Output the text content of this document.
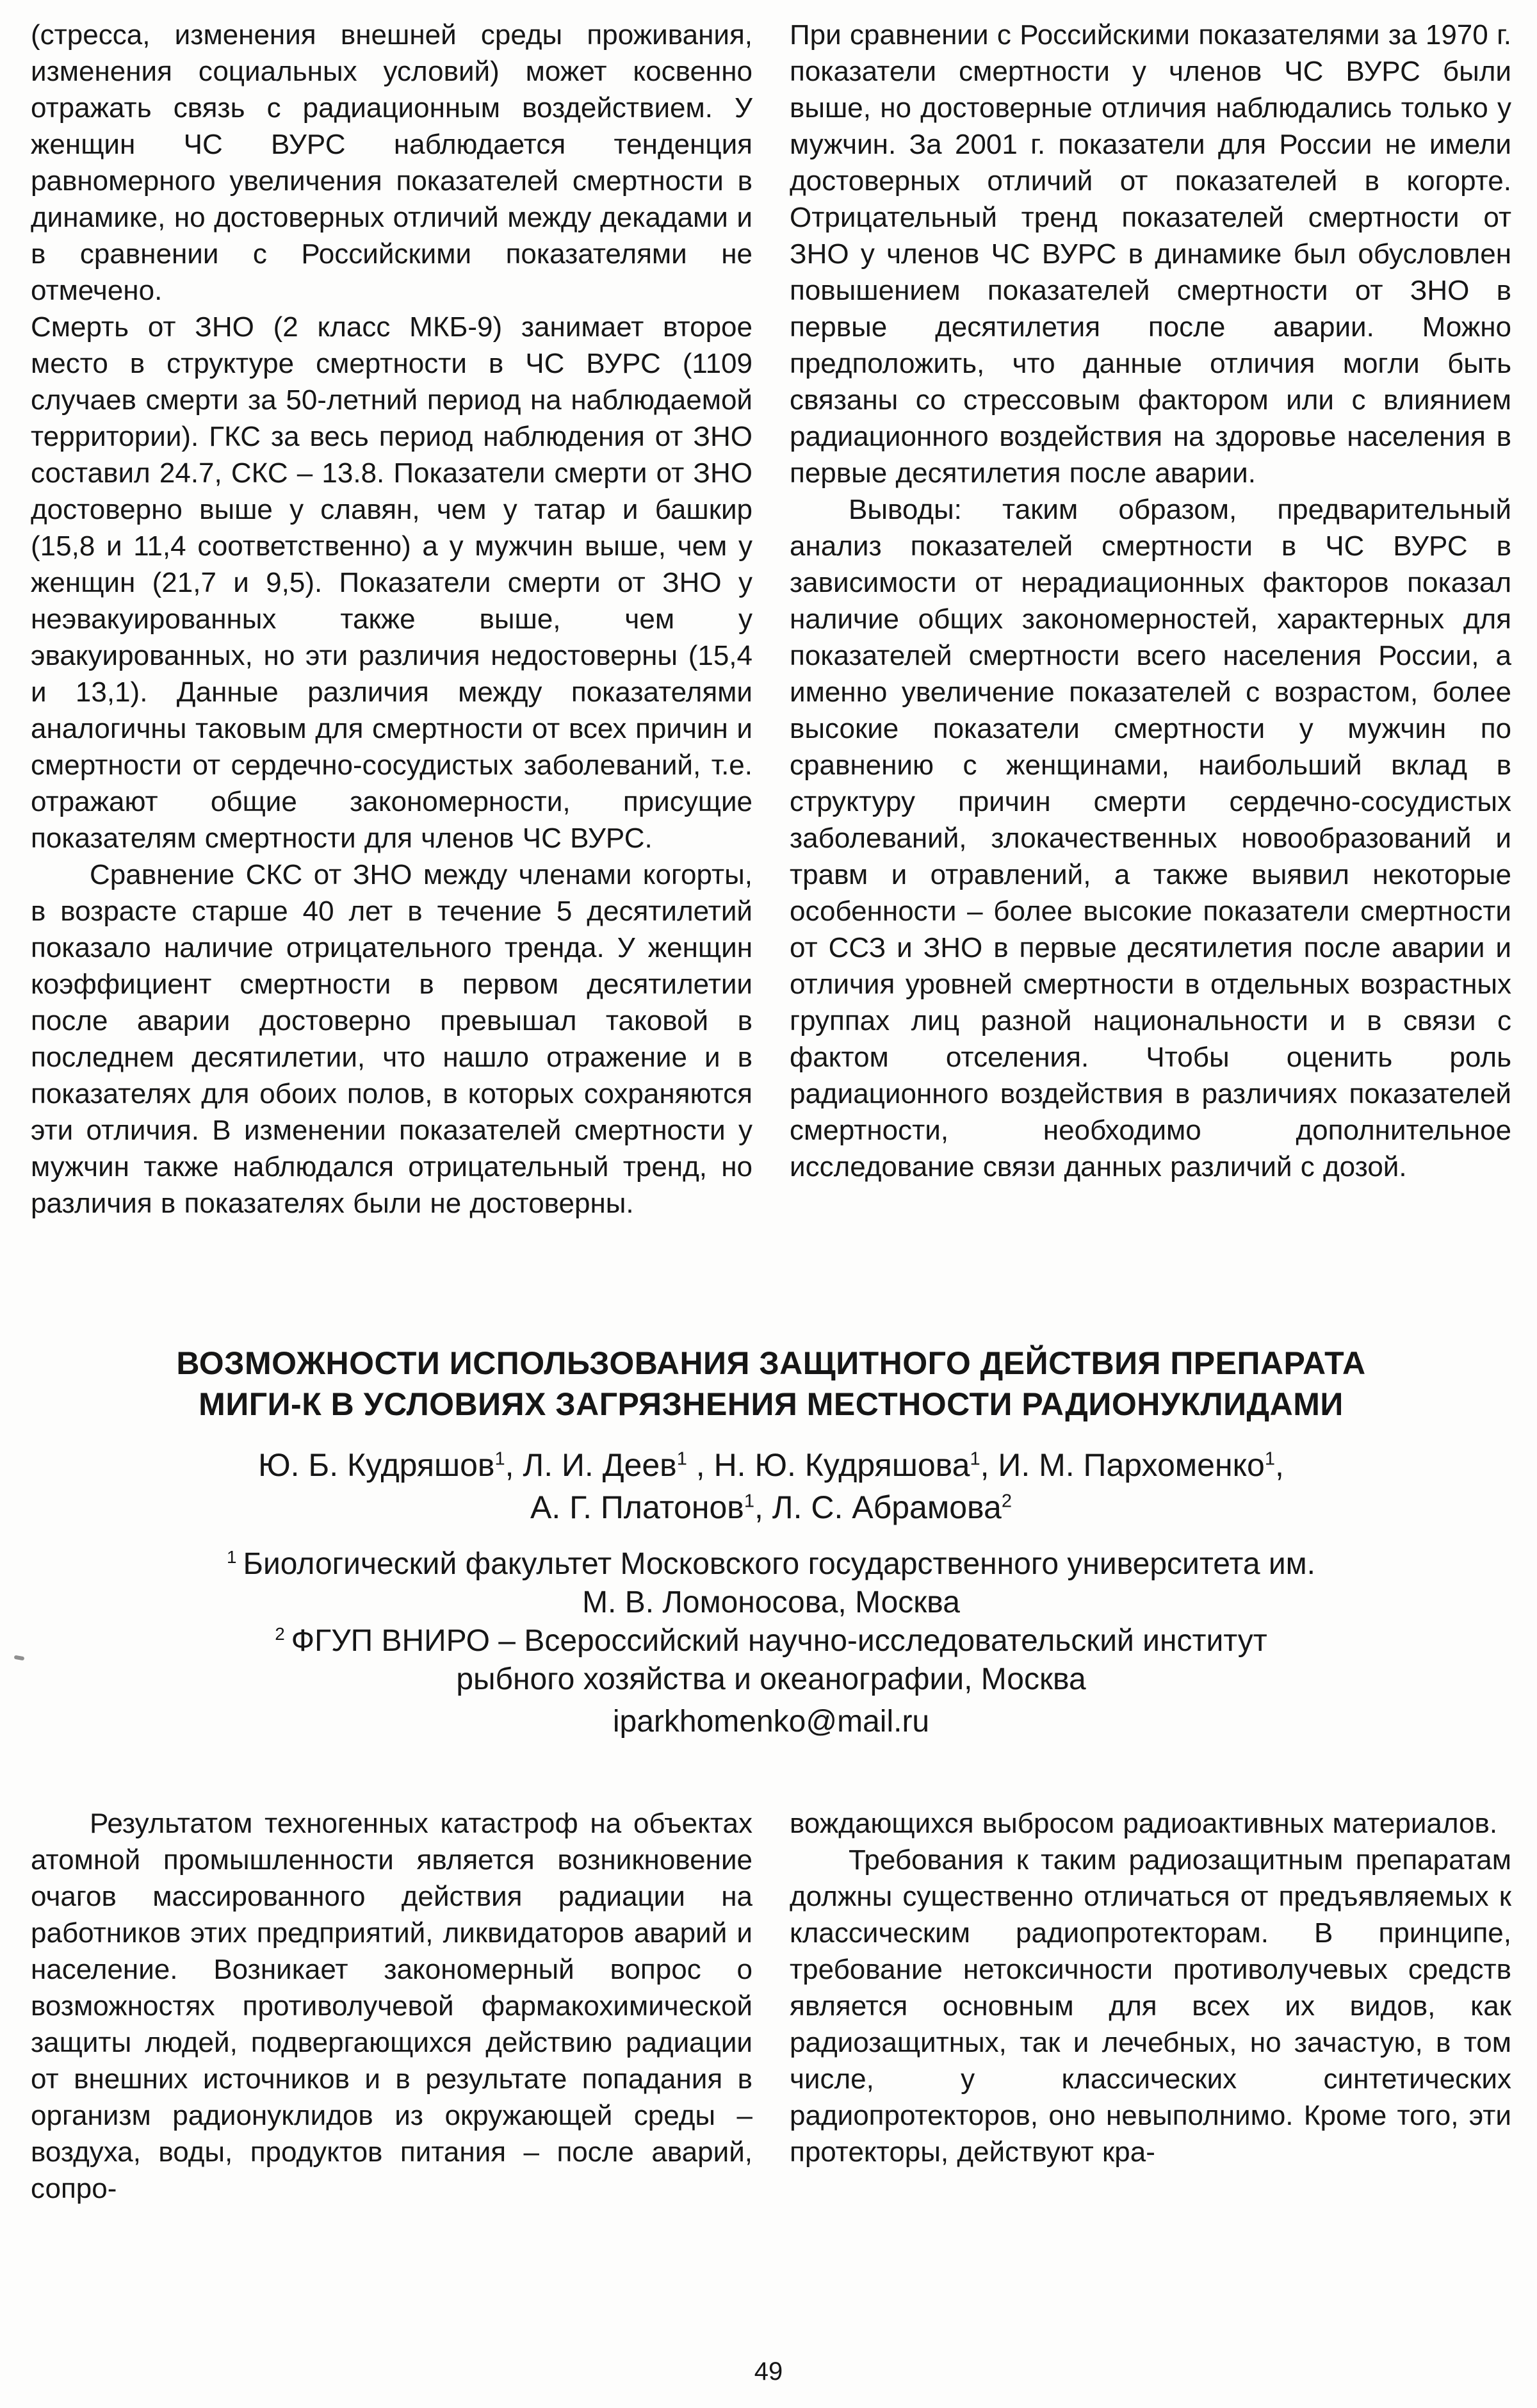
(стресса, изменения внешней среды проживания, изменения социальных условий) может косвенно отражать связь с радиационным воздействием. У женщин ЧС ВУРС наблюдается тенденция равномерного увеличения показателей смертности в динамике, но достоверных отличий между декадами и в сравнении с Российскими показателями не отмечено.

Смерть от ЗНО (2 класс МКБ-9) занимает второе место в структуре смертности в ЧС ВУРС (1109 случаев смерти за 50-летний период на наблюдаемой территории). ГКС за весь период наблюдения от ЗНО составил 24.7, СКС – 13.8. Показатели смерти от ЗНО достоверно выше у славян, чем у татар и башкир (15,8 и 11,4 соответственно) а у мужчин выше, чем у женщин (21,7 и 9,5). Показатели смерти от ЗНО у неэвакуированных также выше, чем у эвакуированных, но эти различия недостоверны (15,4 и 13,1). Данные различия между показателями аналогичны таковым для смертности от всех причин и смертности от сердечно-сосудистых заболеваний, т.е. отражают общие закономерности, присущие показателям смертности для членов ЧС ВУРС.

Сравнение СКС от ЗНО между членами когорты, в возрасте старше 40 лет в течение 5 десятилетий показало наличие отрицательного тренда. У женщин коэффициент смертности в первом десятилетии после аварии достоверно превышал таковой в последнем десятилетии, что нашло отражение и в показателях для обоих полов, в которых сохраняются эти отличия. В изменении показателей смертности у мужчин также наблюдался отрицательный тренд, но различия в показателях были не достоверны.

При сравнении с Российскими показателями за 1970 г. показатели смертности у членов ЧС ВУРС были выше, но достоверные отличия наблюдались только у мужчин. За 2001 г. показатели для России не имели достоверных отличий от показателей в когорте. Отрицательный тренд показателей смертности от ЗНО у членов ЧС ВУРС в динамике был обусловлен повышением показателей смертности от ЗНО в первые десятилетия после аварии. Можно предположить, что данные отличия могли быть связаны со стрессовым фактором или с влиянием радиационного воздействия на здоровье населения в первые десятилетия после аварии.

Выводы: таким образом, предварительный анализ показателей смертности в ЧС ВУРС в зависимости от нерадиационных факторов показал наличие общих закономерностей, характерных для показателей смертности всего населения России, а именно увеличение показателей с возрастом, более высокие показатели смертности у мужчин по сравнению с женщинами, наибольший вклад в структуру причин смерти сердечно-сосудистых заболеваний, злокачественных новообразований и травм и отравлений, а также выявил некоторые особенности – более высокие показатели смертности от ССЗ и ЗНО в первые десятилетия после аварии и отличия уровней смертности в отдельных возрастных группах лиц разной национальности и в связи с фактом отселения. Чтобы оценить роль радиационного воздействия в различиях показателей смертности, необходимо дополнительное исследование связи данных различий с дозой.

ВОЗМОЖНОСТИ ИСПОЛЬЗОВАНИЯ ЗАЩИТНОГО ДЕЙСТВИЯ ПРЕПАРАТА
МИГИ-К В УСЛОВИЯХ ЗАГРЯЗНЕНИЯ МЕСТНОСТИ РАДИОНУКЛИДАМИ
Ю. Б. Кудряшов$^1$, Л. И. Деев$^1$ , Н. Ю. Кудряшова$^1$, И. М. Пархоменко$^1$,
А. Г. Платонов$^1$, Л. С. Абрамова$^2$

$^1$ Биологический факультет Московского государственного университета им. М. В. Ломоносова, Москва

$^2$ ФГУП ВНИРО – Всероссийский научно-исследовательский институт рыбного хозяйства и океанографии, Москва

iparkhomenko@mail.ru

Результатом техногенных катастроф на объектах атомной промышленности является возникновение очагов массированного действия радиации на работников этих предприятий, ликвидаторов аварий и население. Возникает закономерный вопрос о возможностях противолучевой фармакохимической защиты людей, подвергающихся действию радиации от внешних источников и в результате попадания в организм радионуклидов из окружающей среды – воздуха, воды, продуктов питания – после аварий, сопро-

вождающихся выбросом радиоактивных материалов.

Требования к таким радиозащитным препаратам должны существенно отличаться от предъявляемых к классическим радиопротекторам. В принципе, требование нетоксичности противолучевых средств является основным для всех их видов, как радиозащитных, так и лечебных, но зачастую, в том числе, у классических синтетических радиопротекторов, оно невыполнимо. Кроме того, эти протекторы, действуют кра-

49
